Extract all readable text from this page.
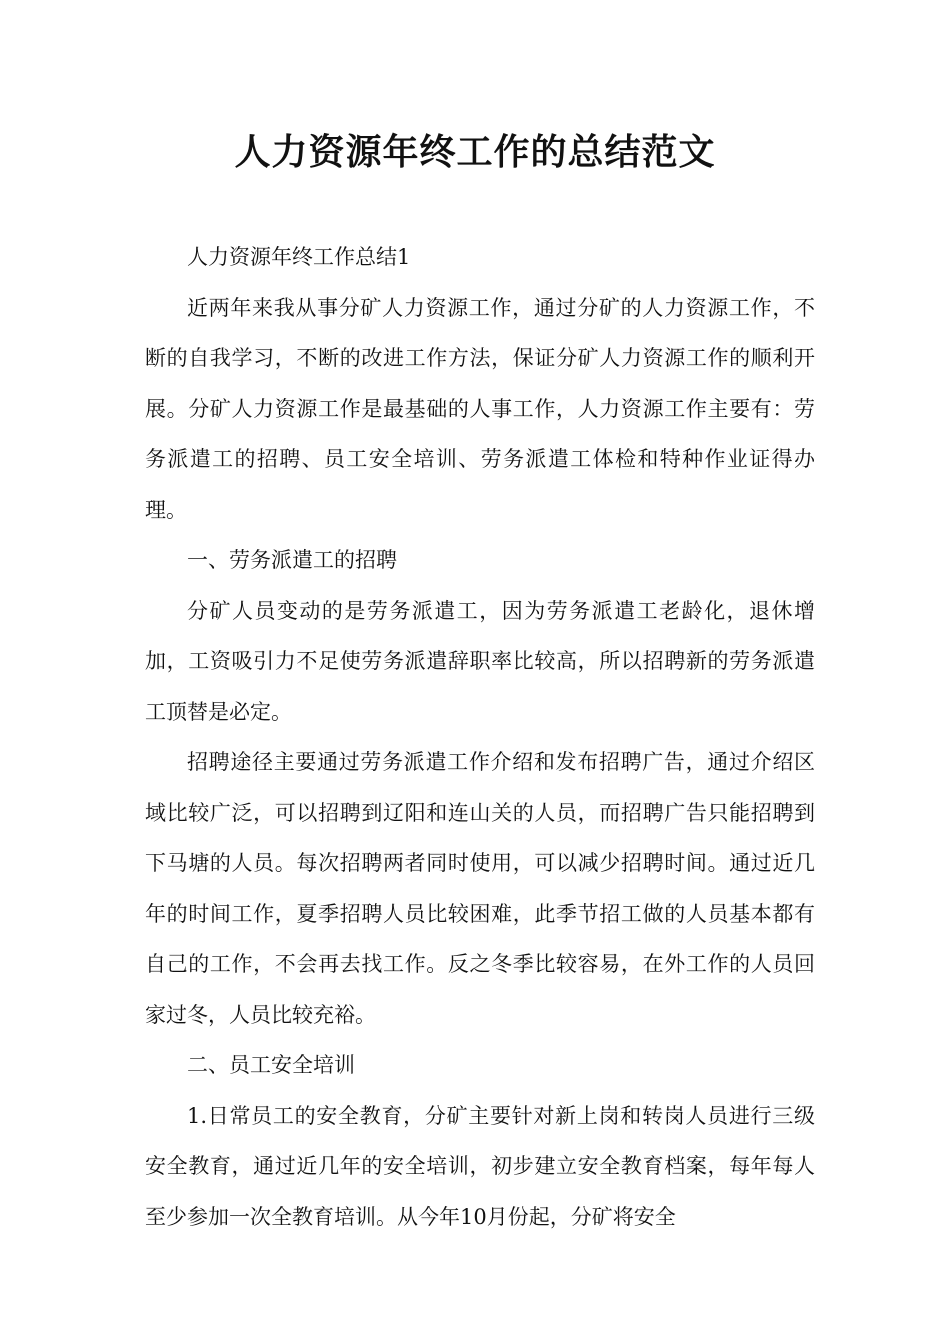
人力资源年终工作的总结范文

人力资源年终工作总结1

近两年来我从事分矿人力资源工作，通过分矿的人力资源工作，不断的自我学习，不断的改进工作方法，保证分矿人力资源工作的顺利开展。分矿人力资源工作是最基础的人事工作，人力资源工作主要有：劳务派遣工的招聘、员工安全培训、劳务派遣工体检和特种作业证得办理。

一、劳务派遣工的招聘

分矿人员变动的是劳务派遣工，因为劳务派遣工老龄化，退休增加，工资吸引力不足使劳务派遣辞职率比较高，所以招聘新的劳务派遣工顶替是必定。

招聘途径主要通过劳务派遣工作介绍和发布招聘广告，通过介绍区域比较广泛，可以招聘到辽阳和连山关的人员，而招聘广告只能招聘到下马塘的人员。每次招聘两者同时使用，可以减少招聘时间。通过近几年的时间工作，夏季招聘人员比较困难，此季节招工做的人员基本都有自己的工作，不会再去找工作。反之冬季比较容易，在外工作的人员回家过冬，人员比较充裕。

二、员工安全培训

1.日常员工的安全教育，分矿主要针对新上岗和转岗人员进行三级安全教育，通过近几年的安全培训，初步建立安全教育档案，每年每人至少参加一次全教育培训。从今年10月份起，分矿将安全
